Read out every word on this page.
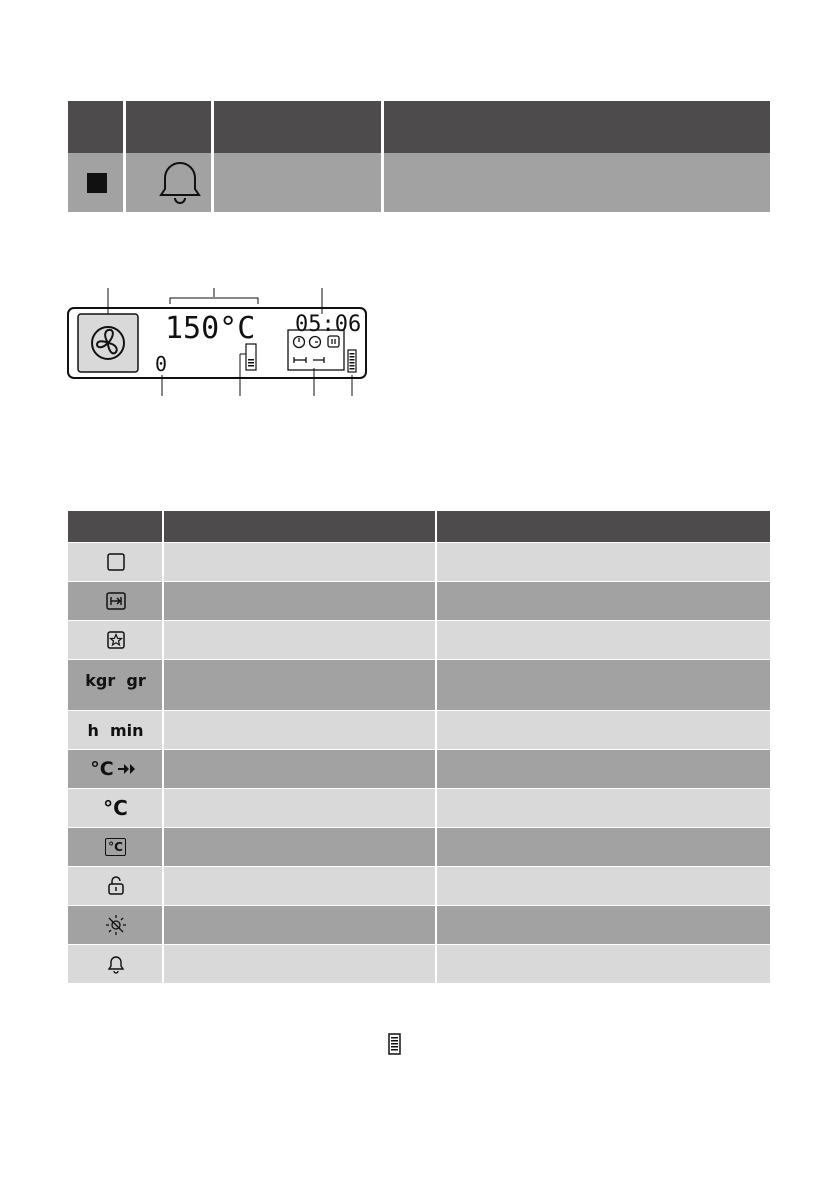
150°C 05:06
0
kgr  gr
h  min
°C
°C
°C
